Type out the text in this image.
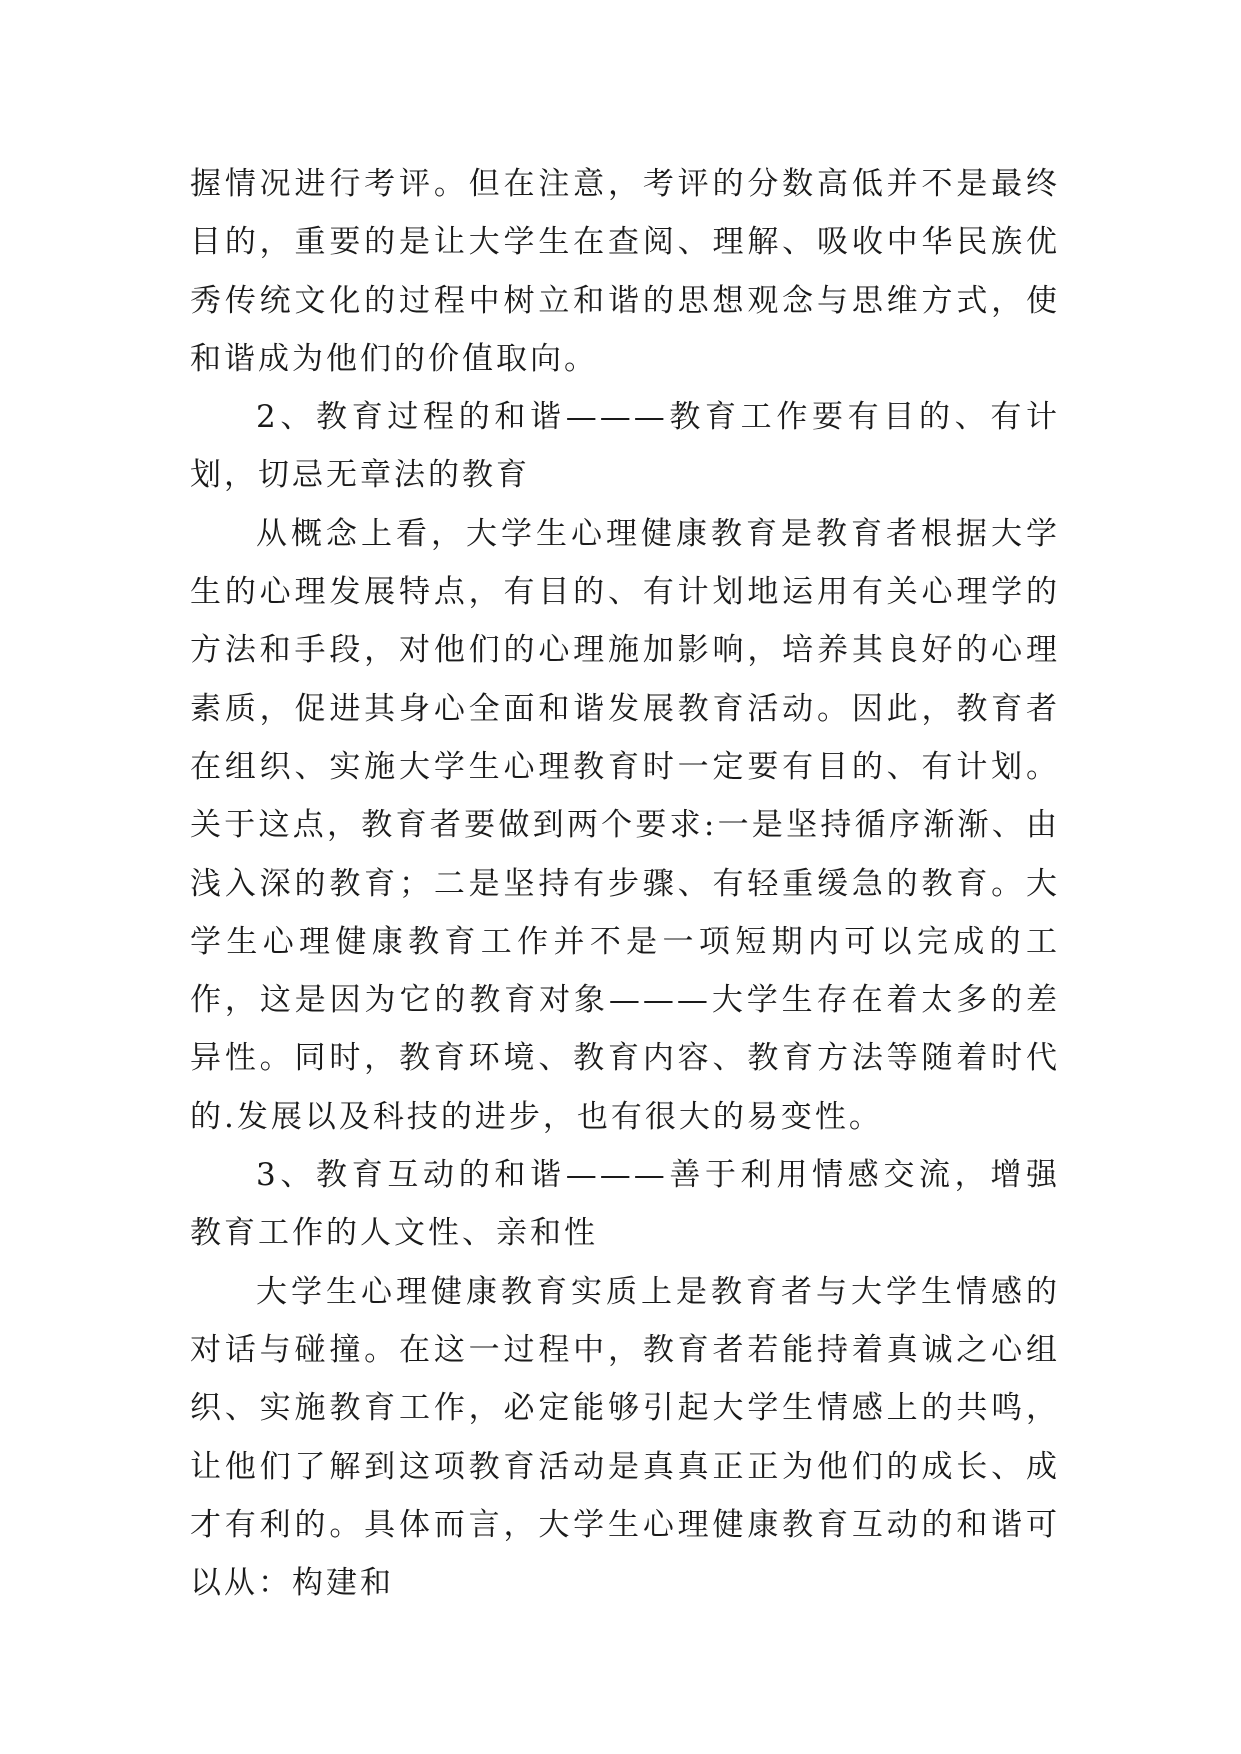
握情况进行考评。但在注意，考评的分数高低并不是最终目的，重要的是让大学生在查阅、理解、吸收中华民族优秀传统文化的过程中树立和谐的思想观念与思维方式，使和谐成为他们的价值取向。

2、教育过程的和谐———教育工作要有目的、有计划，切忌无章法的教育

从概念上看，大学生心理健康教育是教育者根据大学生的心理发展特点，有目的、有计划地运用有关心理学的方法和手段，对他们的心理施加影响，培养其良好的心理素质，促进其身心全面和谐发展教育活动。因此，教育者在组织、实施大学生心理教育时一定要有目的、有计划。关于这点，教育者要做到两个要求:一是坚持循序渐渐、由浅入深的教育；二是坚持有步骤、有轻重缓急的教育。大学生心理健康教育工作并不是一项短期内可以完成的工作，这是因为它的教育对象———大学生存在着太多的差异性。同时，教育环境、教育内容、教育方法等随着时代的.发展以及科技的进步，也有很大的易变性。

3、教育互动的和谐———善于利用情感交流，增强教育工作的人文性、亲和性

大学生心理健康教育实质上是教育者与大学生情感的对话与碰撞。在这一过程中，教育者若能持着真诚之心组织、实施教育工作，必定能够引起大学生情感上的共鸣，让他们了解到这项教育活动是真真正正为他们的成长、成才有利的。具体而言，大学生心理健康教育互动的和谐可以从：构建和
